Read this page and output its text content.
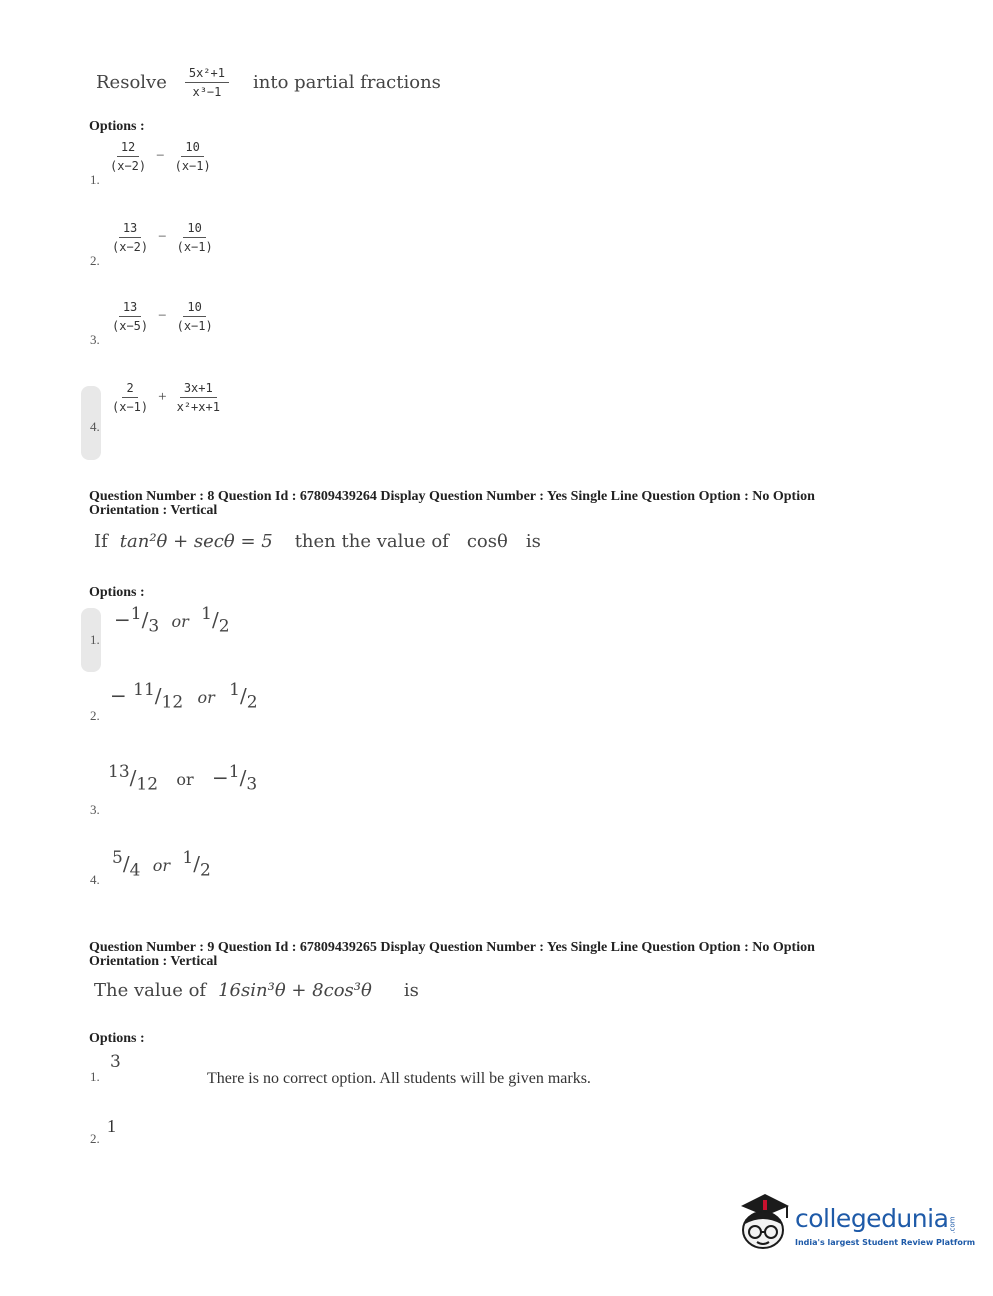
Resolve $\frac{\text{5x²+1}}{\text{x³−1}}$ into partial fractions
Options :
1.
$\frac{12}{(x-2)} - \frac{10}{(x-1)}$
2.
$\frac{13}{(x-2)} - \frac{10}{(x-1)}$
3.
$\frac{13}{(x-5)} - \frac{10}{(x-1)}$
4.
$\frac{2}{(x-1)} + \frac{3x+1}{\text{x²+x+1}}$
Question Number : 8 Question Id : 67809439264 Display Question Number : Yes Single Line Question Option : No Option
Orientation : Vertical
If tan²θ + secθ = 5 then the value of cosθ is
Options :
1.
$-^1/_3$ or $^1/_2$
2.
− $^{11}/_{12}$ or $^1/_2$
3.
$^{13}/_{12}$ or $-^1/_3$
4.
$^5/_4$ or $^1/_2$
Question Number : 9 Question Id : 67809439265 Display Question Number : Yes Single Line Question Option : No Option
Orientation : Vertical
The value of 16sin³θ + 8cos³θ is
Options :
There is no correct option. All students will be given marks.
1.
3
2.
1
collegedunia.com
India's largest Student Review Platform
